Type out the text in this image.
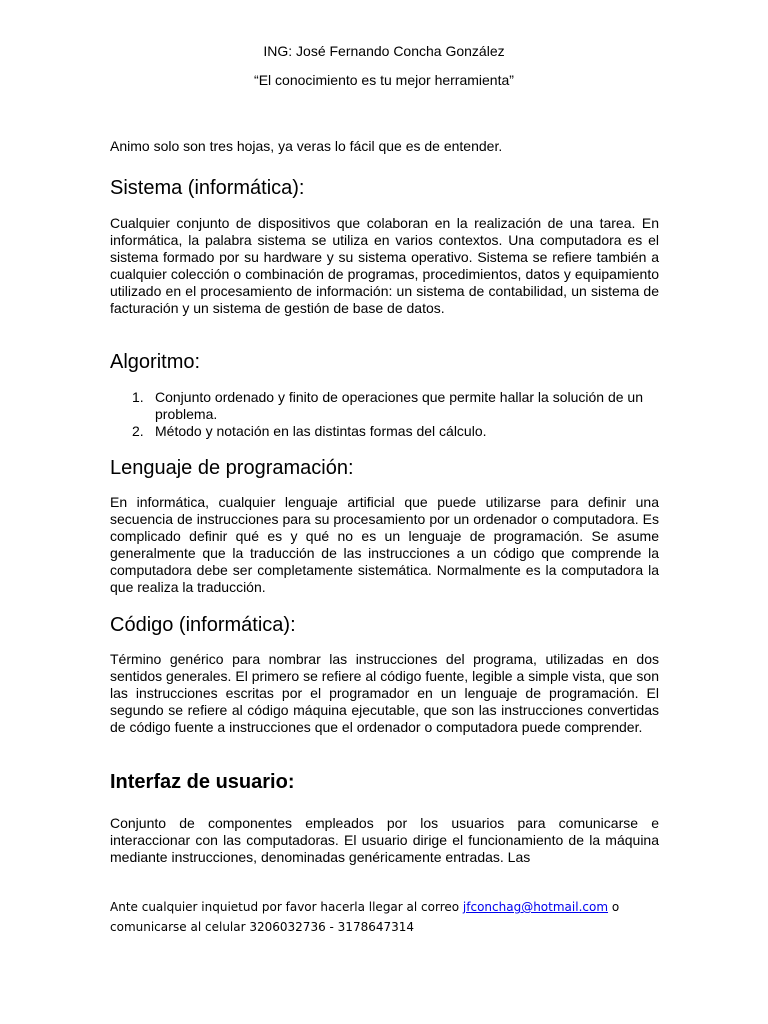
ING: José Fernando Concha González
“El conocimiento es tu mejor herramienta”
Animo solo son tres hojas, ya veras lo fácil que es de entender.
Sistema (informática):
Cualquier conjunto de dispositivos que colaboran en la realización de una tarea. En informática, la palabra sistema se utiliza en varios contextos. Una computadora es el sistema formado por su hardware y su sistema operativo. Sistema se refiere también a cualquier colección o combinación de programas, procedimientos, datos y equipamiento utilizado en el procesamiento de información: un sistema de contabilidad, un sistema de facturación y un sistema de gestión de base de datos.
Algoritmo:
1. Conjunto ordenado y finito de operaciones que permite hallar la solución de un problema.
2. Método y notación en las distintas formas del cálculo.
Lenguaje de programación:
En informática, cualquier lenguaje artificial que puede utilizarse para definir una secuencia de instrucciones para su procesamiento por un ordenador o computadora. Es complicado definir qué es y qué no es un lenguaje de programación. Se asume generalmente que la traducción de las instrucciones a un código que comprende la computadora debe ser completamente sistemática. Normalmente es la computadora la que realiza la traducción.
Código (informática):
Término genérico para nombrar las instrucciones del programa, utilizadas en dos sentidos generales. El primero se refiere al código fuente, legible a simple vista, que son las instrucciones escritas por el programador en un lenguaje de programación. El segundo se refiere al código máquina ejecutable, que son las instrucciones convertidas de código fuente a instrucciones que el ordenador o computadora puede comprender.
Interfaz de usuario:
Conjunto de componentes empleados por los usuarios para comunicarse e interaccionar con las computadoras. El usuario dirige el funcionamiento de la máquina mediante instrucciones, denominadas genéricamente entradas. Las
Ante cualquier inquietud por favor hacerla llegar al correo jfconchag@hotmail.com o
comunicarse al celular 3206032736 - 3178647314
